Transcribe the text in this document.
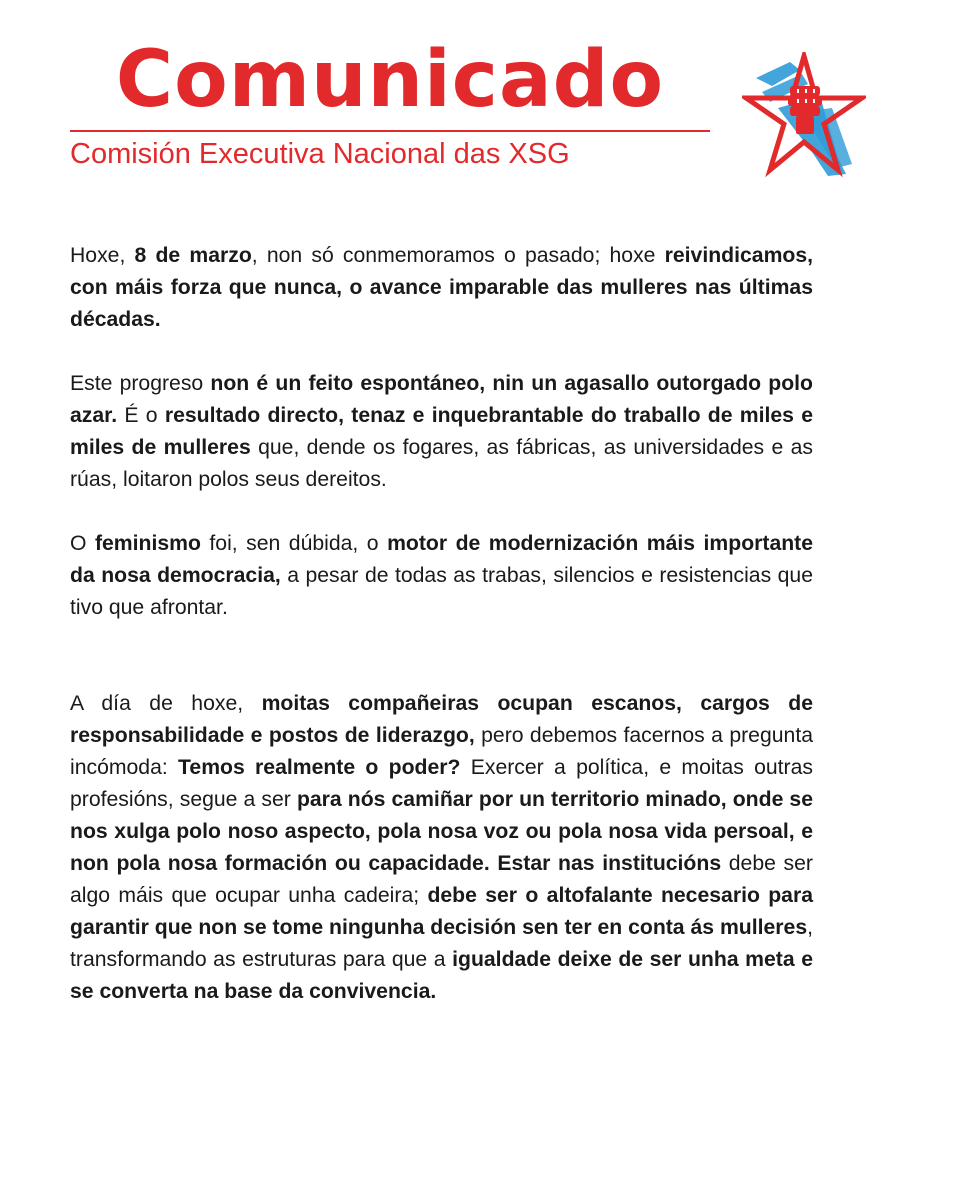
Comunicado
Comisión Executiva Nacional das XSG

Hoxe, 8 de marzo, non só conmemoramos o pasado; hoxe reivindicamos, con máis forza que nunca, o avance imparable das mulleres nas últimas décadas.

Este progreso non é un feito espontáneo, nin un agasallo outorgado polo azar. É o resultado directo, tenaz e inquebrantable do traballo de miles e miles de mulleres que, dende os fogares, as fábricas, as universidades e as rúas, loitaron polos seus dereitos.

O feminismo foi, sen dúbida, o motor de modernización máis importante da nosa democracia, a pesar de todas as trabas, silencios e resistencias que tivo que afrontar.

A día de hoxe, moitas compañeiras ocupan escanos, cargos de responsabilidade e postos de liderazgo, pero debemos facernos a pregunta incómoda: Temos realmente o poder? Exercer a política, e moitas outras profesións, segue a ser para nós camiñar por un territorio minado, onde se nos xulga polo noso aspecto, pola nosa voz ou pola nosa vida persoal, e non pola nosa formación ou capacidade. Estar nas institucións debe ser algo máis que ocupar unha cadeira; debe ser o altofalante necesario para garantir que non se tome ningunha decisión sen ter en conta ás mulleres, transformando as estruturas para que a igualdade deixe de ser unha meta e se converta na base da convivencia.
